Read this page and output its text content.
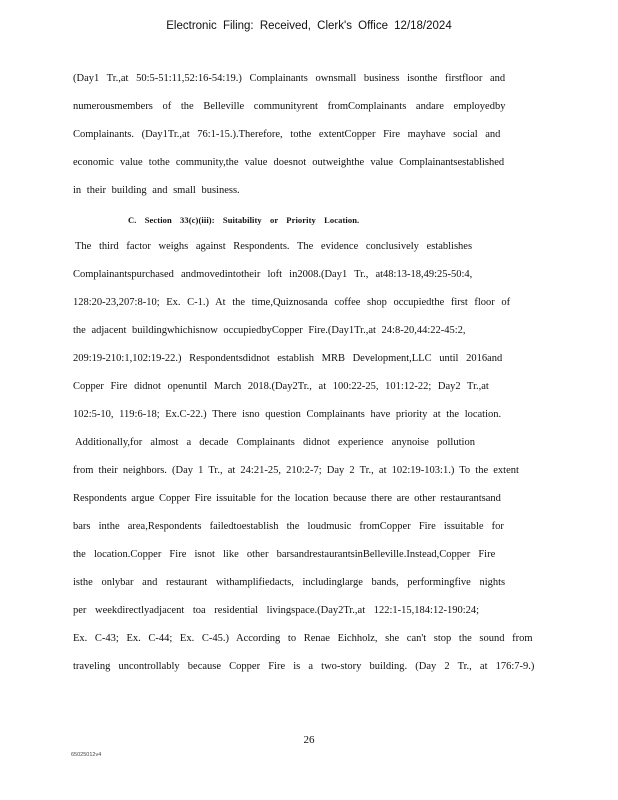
Electronic Filing: Received, Clerk's Office 12/18/2024
(Day1 Tr.,at 50:5-51:11,52:16-54:19.) Complainants ownsmall business isonthe firstfloor and
numerousmembers of the Belleville communityrent fromComplainants andare employedby
Complainants. (Day1Tr.,at 76:1-15.).Therefore, tothe extentCopper Fire mayhave social and
economic value tothe community,the value doesnot outweighthe value Complainantsestablished
in their building and small business.
C. Section 33(c)(iii): Suitability or Priority Location.
The third factor weighs against Respondents. The evidence conclusively establishes
Complainantspurchased andmovedintotheir loft in2008.(Day1 Tr., at48:13-18,49:25-50:4,
128:20-23,207:8-10; Ex. C-1.) At the time,Quiznosanda coffee shop occupiedthe first floor of
the adjacent buildingwhichisnow occupiedbyCopper Fire.(Day1Tr.,at 24:8-20,44:22-45:2,
209:19-210:1,102:19-22.) Respondentsdidnot establish MRB Development,LLC until 2016and
Copper Fire didnot openuntil March 2018.(Day2Tr., at 100:22-25, 101:12-22; Day2 Tr.,at
102:5-10, 119:6-18; Ex.C-22.) There isno question Complainants have priority at the location.
Additionally,for almost a decade Complainants didnot experience anynoise pollution
from their neighbors. (Day 1 Tr., at 24:21-25, 210:2-7; Day 2 Tr., at 102:19-103:1.) To the extent
Respondents argue Copper Fire issuitable for the location because there are other restaurantsand
bars inthe area,Respondents failedtoestablish the loudmusic fromCopper Fire issuitable for
the location.Copper Fire isnot like other barsandrestaurantsinBelleville.Instead,Copper Fire
isthe onlybar and restaurant withamplifiedacts, includinglarge bands, performingfive nights
per weekdirectlyadjacent toa residential livingspace.(Day2Tr.,at 122:1-15,184:12-190:24;
Ex. C-43; Ex. C-44; Ex. C-45.) According to Renae Eichholz, she can't stop the sound from
traveling uncontrollably because Copper Fire is a two-story building. (Day 2 Tr., at 176:7-9.)
26
65025012v4
